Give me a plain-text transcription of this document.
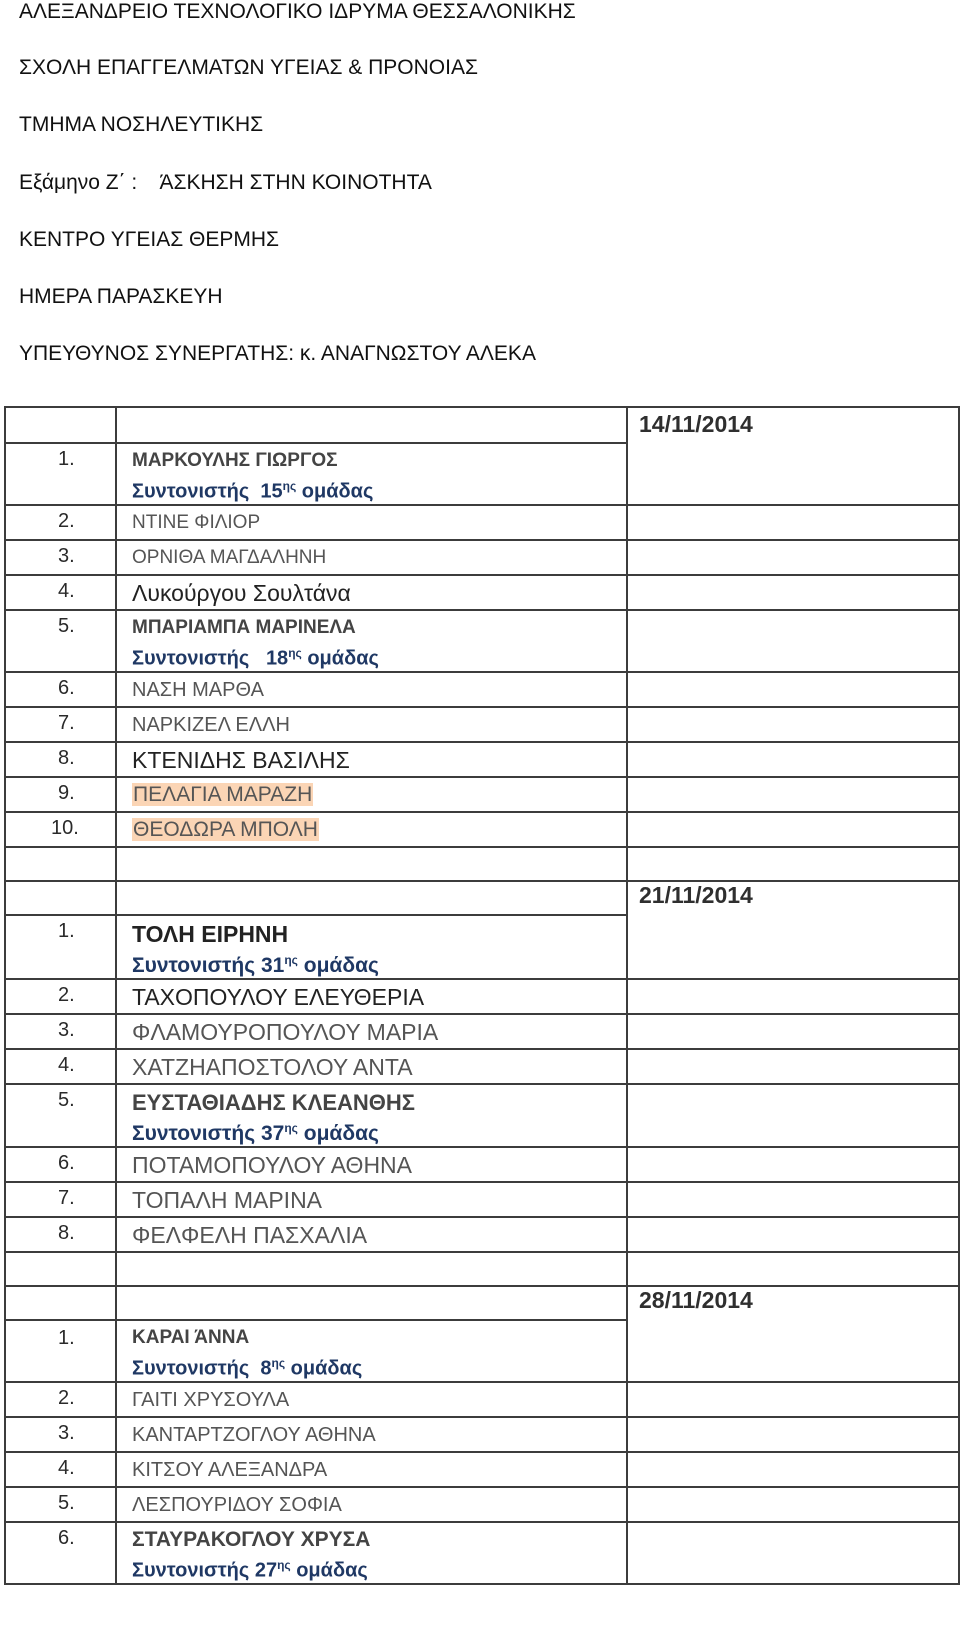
ΑΛΕΞΑΝΔΡΕΙΟ ΤΕΧΝΟΛΟΓΙΚΟ ΙΔΡΥΜΑ ΘΕΣΣΑΛΟΝΙΚΗΣ
ΣΧΟΛΗ ΕΠΑΓΓΕΛΜΑΤΩΝ ΥΓΕΙΑΣ & ΠΡΟΝΟΙΑΣ
ΤΜΗΜΑ ΝΟΣΗΛΕΥΤΙΚΗΣ
Εξάμηνο Ζ΄ :    ΆΣΚΗΣΗ ΣΤΗΝ ΚΟΙΝΟΤΗΤΑ
ΚΕΝΤΡΟ ΥΓΕΙΑΣ ΘΕΡΜΗΣ
ΗΜΕΡΑ ΠΑΡΑΣΚΕΥΗ
ΥΠΕΥΘΥΝΟΣ ΣΥΝΕΡΓΑΤΗΣ: κ. ΑΝΑΓΝΩΣΤΟΥ ΑΛΕΚΑ

		14/11/2014

1.	ΜΑΡΚΟΥΛΗΣ ΓΙΩΡΓΟΣ
Συντονιστής $15^{\eta\varsigma}$ ομάδας	

2.	ΝΤΙΝΕ ΦΙΛΙΟΡ	

3.	ΟΡΝΙΘΑ ΜΑΓΔΑΛΗΝΗ	

4.	Λυκούργου Σουλτάνα	

5.	ΜΠΑΡΙΑΜΠΑ ΜΑΡΙΝΕΛΑ
Συντονιστής $18^{\eta\varsigma}$ ομάδας	

6.	ΝΑΣΗ ΜΑΡΘΑ	

7.	ΝΑΡΚΙΖΕΛ ΕΛΛΗ	

8.	ΚΤΕΝΙΔΗΣ ΒΑΣΙΛΗΣ	

9.	ΠΕΛΑΓΙΑ ΜΑΡΑΖΗ	

10.	ΘΕΟΔΩΡΑ ΜΠΟΛΗ	

		21/11/2014

1.	ΤΟΛΗ ΕΙΡΗΝΗ
Συντονιστής $31^{\eta\varsigma}$ ομάδας	

2.	ΤΑΧΟΠΟΥΛΟΥ ΕΛΕΥΘΕΡΙΑ	

3.	ΦΛΑΜΟΥΡΟΠΟΥΛΟΥ ΜΑΡΙΑ	

4.	ΧΑΤΖΗΑΠΟΣΤΟΛΟΥ ΑΝΤΑ	

5.	ΕΥΣΤΑΘΙΑΔΗΣ ΚΛΕΑΝΘΗΣ
Συντονιστής $37^{\eta\varsigma}$ ομάδας	

6.	ΠΟΤΑΜΟΠΟΥΛΟΥ ΑΘΗΝΑ	

7.	ΤΟΠΑΛΗ ΜΑΡΙΝΑ	

8.	ΦΕΛΦΕΛΗ ΠΑΣΧΑΛΙΑ	

		28/11/2014

1.	ΚΑΡΑΙ ΆΝΝΑ
Συντονιστής $8^{\eta\varsigma}$ ομάδας	

2.	ΓΑΙΤΙ ΧΡΥΣΟΥΛΑ	

3.	ΚΑΝΤΑΡΤΖΟΓΛΟΥ ΑΘΗΝΑ	

4.	ΚΙΤΣΟΥ ΑΛΕΞΑΝΔΡΑ	

5.	ΛΕΣΠΟΥΡΙΔΟΥ ΣΟΦΙΑ	

6.	ΣΤΑΥΡΑΚΟΓΛΟΥ ΧΡΥΣΑ
Συντονιστής $27^{\eta\varsigma}$ ομάδας	
